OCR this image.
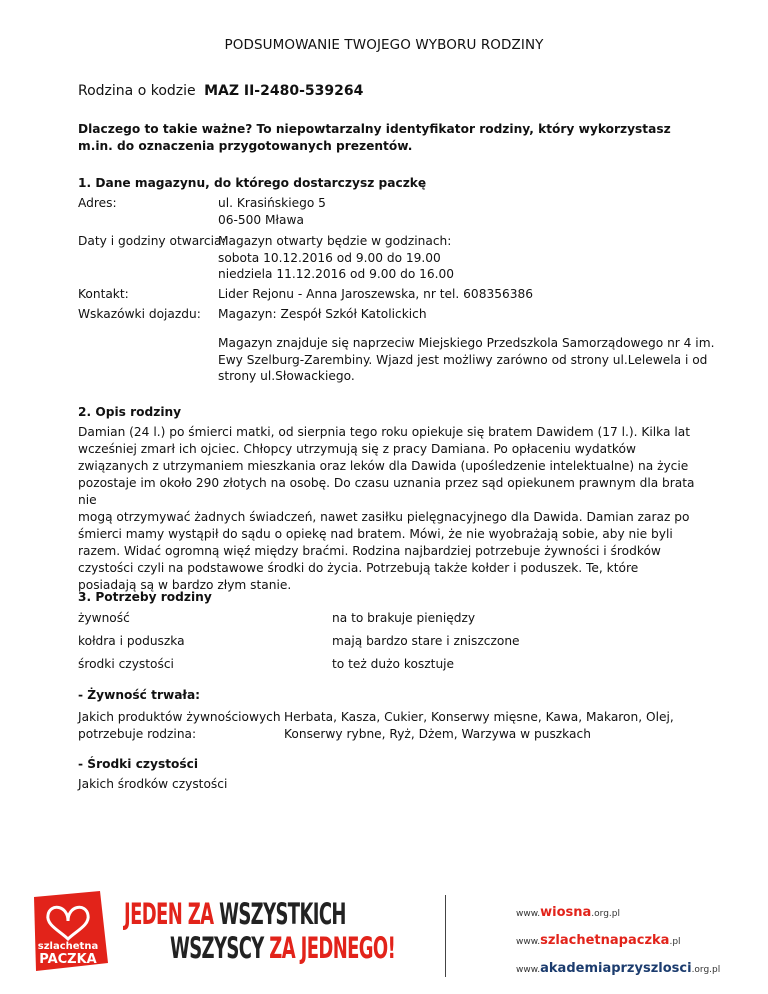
PODSUMOWANIE TWOJEGO WYBORU RODZINY
Rodzina o kodzie MAZ II-2480-539264
Dlaczego to takie ważne? To niepowtarzalny identyfikator rodziny, który wykorzystasz m.in. do oznaczenia przygotowanych prezentów.
1. Dane magazynu, do którego dostarczysz paczkę
Adres:	ul. Krasińskiego 5
06-500 Mława
Daty i godziny otwarcia:
Magazyn otwarty będzie w godzinach:
sobota 10.12.2016 od 9.00 do 19.00
niedziela 11.12.2016 od 9.00 do 16.00
Kontakt:	Lider Rejonu - Anna Jaroszewska, nr tel. 608356386
Wskazówki dojazdu: Magazyn: Zespół Szkół Katolickich
Magazyn znajduje się naprzeciw Miejskiego Przedszkola Samorządowego nr 4 im.
Ewy Szelburg-Zarembiny. Wjazd jest możliwy zarówno od strony ul.Lelewela i od
strony ul.Słowackiego.
2. Opis rodziny
Damian (24 l.) po śmierci matki, od sierpnia tego roku opiekuje się bratem Dawidem (17 l.). Kilka lat
wcześniej zmarł ich ojciec. Chłopcy utrzymują się z pracy Damiana. Po opłaceniu wydatków
związanych z utrzymaniem mieszkania oraz leków dla Dawida (upośledzenie intelektualne) na życie
pozostaje im około 290 złotych na osobę. Do czasu uznania przez sąd opiekunem prawnym dla brata nie
mogą otrzymywać żadnych świadczeń, nawet zasiłku pielęgnacyjnego dla Dawida. Damian zaraz po
śmierci mamy wystąpił do sądu o opiekę nad bratem. Mówi, że nie wyobrażają sobie, aby nie byli
razem. Widać ogromną więź między braćmi. Rodzina najbardziej potrzebuje żywności i środków
czystości czyli na podstawowe środki do życia. Potrzebują także kołder i poduszek. Te, które
posiadają są w bardzo złym stanie.
3. Potrzeby rodziny
żywność	na to brakuje pieniędzy
kołdra i poduszka	mają bardzo stare i zniszczone
środki czystości	to też dużo kosztuje
- Żywność trwała:
Jakich produktów żywnościowych
potrzebuje rodzina:
Herbata, Kasza, Cukier, Konserwy mięsne, Kawa, Makaron, Olej,
Konserwy rybne, Ryż, Dżem, Warzywa w puszkach
- Środki czystości
Jakich środków czystości
szlachetna
PACZKA
JEDEN ZA WSZYSTKICH
WSZYSCY ZA JEDNEGO!
www.wiosna.org.pl
www.szlachetnapaczka.pl
www.akademiaprzyszlosci.org.pl
